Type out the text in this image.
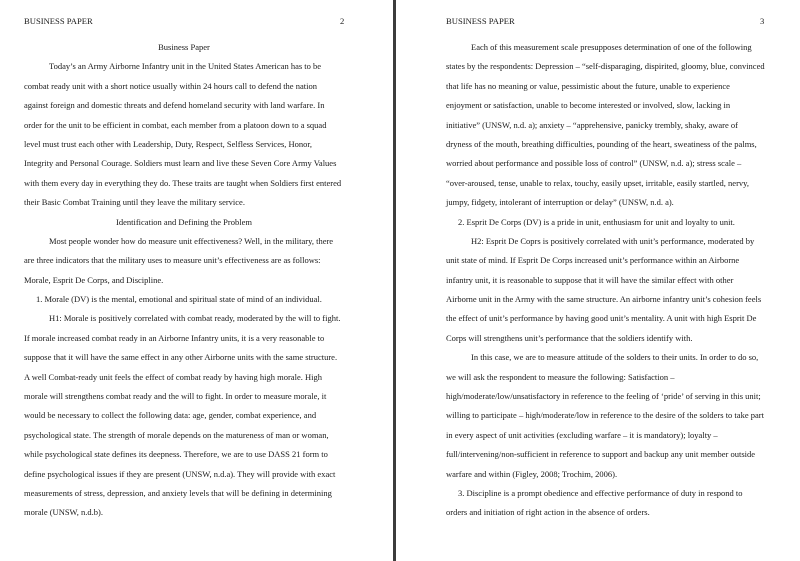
BUSINESS PAPER	2
Business Paper
Today’s an Army Airborne Infantry unit in the United States American has to be
combat ready unit with a short notice usually within 24 hours call to defend the nation
against foreign and domestic threats and defend homeland security with land warfare. In
order for the unit to be efficient in combat, each member from a platoon down to a squad
level must trust each other with Leadership, Duty, Respect, Selfless Services, Honor,
Integrity and Personal Courage. Soldiers must learn and live these Seven Core Army Values
with them every day in everything they do. These traits are taught when Soldiers first entered
their Basic Combat Training until they leave the military service.
Identification and Defining the Problem
Most people wonder how do measure unit effectiveness? Well, in the military, there
are three indicators that the military uses to measure unit’s effectiveness are as follows:
Morale, Esprit De Corps, and Discipline.
1. Morale (DV) is the mental, emotional and spiritual state of mind of an individual.
H1: Morale is positively correlated with combat ready, moderated by the will to fight.
If morale increased combat ready in an Airborne Infantry units, it is a very reasonable to
suppose that it will have the same effect in any other Airborne units with the same structure.
A well Combat-ready unit feels the effect of combat ready by having high morale. High
morale will strengthens combat ready and the will to fight. In order to measure morale, it
would be necessary to collect the following data: age, gender, combat experience, and
psychological state. The strength of morale depends on the matureness of man or woman,
while psychological state defines its deepness. Therefore, we are to use DASS 21 form to
define psychological issues if they are present (UNSW, n.d.a). They will provide with exact
measurements of stress, depression, and anxiety levels that will be defining in determining
morale (UNSW, n.d.b).
BUSINESS PAPER	3
Each of this measurement scale presupposes determination of one of the following
states by the respondents: Depression – “self-disparaging, dispirited, gloomy, blue, convinced
that life has no meaning or value, pessimistic about the future, unable to experience
enjoyment or satisfaction, unable to become interested or involved, slow, lacking in
initiative” (UNSW, n.d. a); anxiety – “apprehensive, panicky trembly, shaky, aware of
dryness of the mouth, breathing difficulties, pounding of the heart, sweatiness of the palms,
worried about performance and possible loss of control” (UNSW, n.d. a); stress scale –
“over-aroused, tense, unable to relax, touchy, easily upset, irritable, easily startled, nervy,
jumpy, fidgety, intolerant of interruption or delay” (UNSW, n.d. a).
2. Esprit De Corps (DV) is a pride in unit, enthusiasm for unit and loyalty to unit.
H2: Esprit De Coprs is positively correlated with unit’s performance, moderated by
unit state of mind. If Esprit De Corps increased unit’s performance within an Airborne
infantry unit, it is reasonable to suppose that it will have the similar effect with other
Airborne unit in the Army with the same structure. An airborne infantry unit’s cohesion feels
the effect of unit’s performance by having good unit’s mentality. A unit with high Esprit De
Corps will strengthens unit’s performance that the soldiers identify with.
In this case, we are to measure attitude of the solders to their units. In order to do so,
we will ask the respondent to measure the following: Satisfaction –
high/moderate/low/unsatisfactory in reference to the feeling of ‘pride’ of serving in this unit;
willing to participate – high/moderate/low in reference to the desire of the solders to take part
in every aspect of unit activities (excluding warfare – it is mandatory); loyalty –
full/intervening/non-sufficient in reference to support and backup any unit member outside
warfare and within (Figley, 2008; Trochim, 2006).
3. Discipline is a prompt obedience and effective performance of duty in respond to
orders and initiation of right action in the absence of orders.
